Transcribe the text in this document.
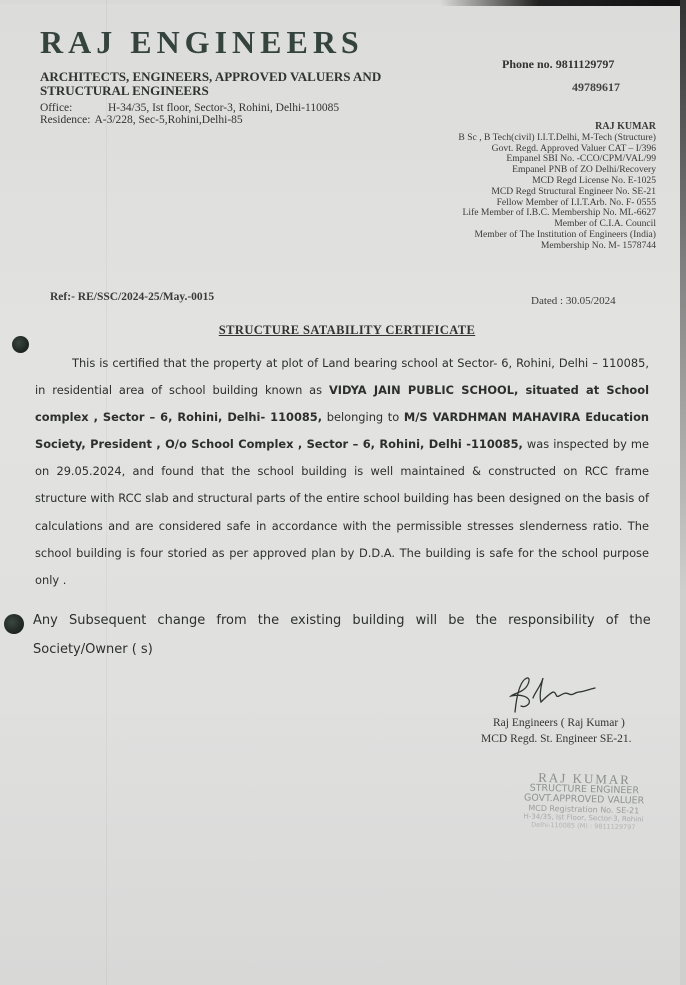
RAJ ENGINEERS
ARCHITECTS, ENGINEERS, APPROVED VALUERS AND STRUCTURAL ENGINEERS
Office:	H-34/35, Ist floor, Sector-3, Rohini, Delhi-110085
Residence: A-3/228, Sec-5,Rohini,Delhi-85
Phone no. 9811129797
49789617
RAJ KUMAR
B Sc , B Tech(civil) I.I.T.Delhi, M-Tech (Structure)
Govt. Regd. Approved Valuer CAT – I/396
Empanel SBI No. -CCO/CPM/VAL/99
Empanel PNB of ZO Delhi/Recovery
MCD Regd License No. E-1025
MCD Regd Structural Engineer No. SE-21
Fellow Member of I.I.T.Arb. No. F- 0555
Life Member of I.B.C. Membership No. ML-6627
Member of C.I.A. Council
Member of The Institution of Engineers (India)
Membership No. M- 1578744
Ref:- RE/SSC/2024-25/May.-0015	Dated : 30.05/2024
STRUCTURE SATABILITY CERTIFICATE
This is certified that the property at plot of Land bearing school at Sector- 6, Rohini, Delhi – 110085, in residential area of school building known as VIDYA JAIN PUBLIC SCHOOL, situated at School complex , Sector – 6, Rohini, Delhi- 110085, belonging to M/S VARDHMAN MAHAVIRA Education Society, President , O/o School Complex , Sector – 6, Rohini, Delhi -110085, was inspected by me on 29.05.2024, and found that the school building is well maintained & constructed on RCC frame structure with RCC slab and structural parts of the entire school building has been designed on the basis of calculations and are considered safe in accordance with the permissible stresses slenderness ratio. The school building is four storied as per approved plan by D.D.A. The building is safe for the school purpose only .
Any Subsequent change from the existing building will be the responsibility of the
Society/Owner ( s)
Raj Engineers ( Raj Kumar )
MCD Regd. St. Engineer SE-21.
RAJ KUMAR
STRUCTURE ENGINEER
GOVT.APPROVED VALUER
MCD Registration No. SE-21
H-34/35, Ist Floor, Sector-3, Rohini
Delhi-110085 (M) : 9811129797
